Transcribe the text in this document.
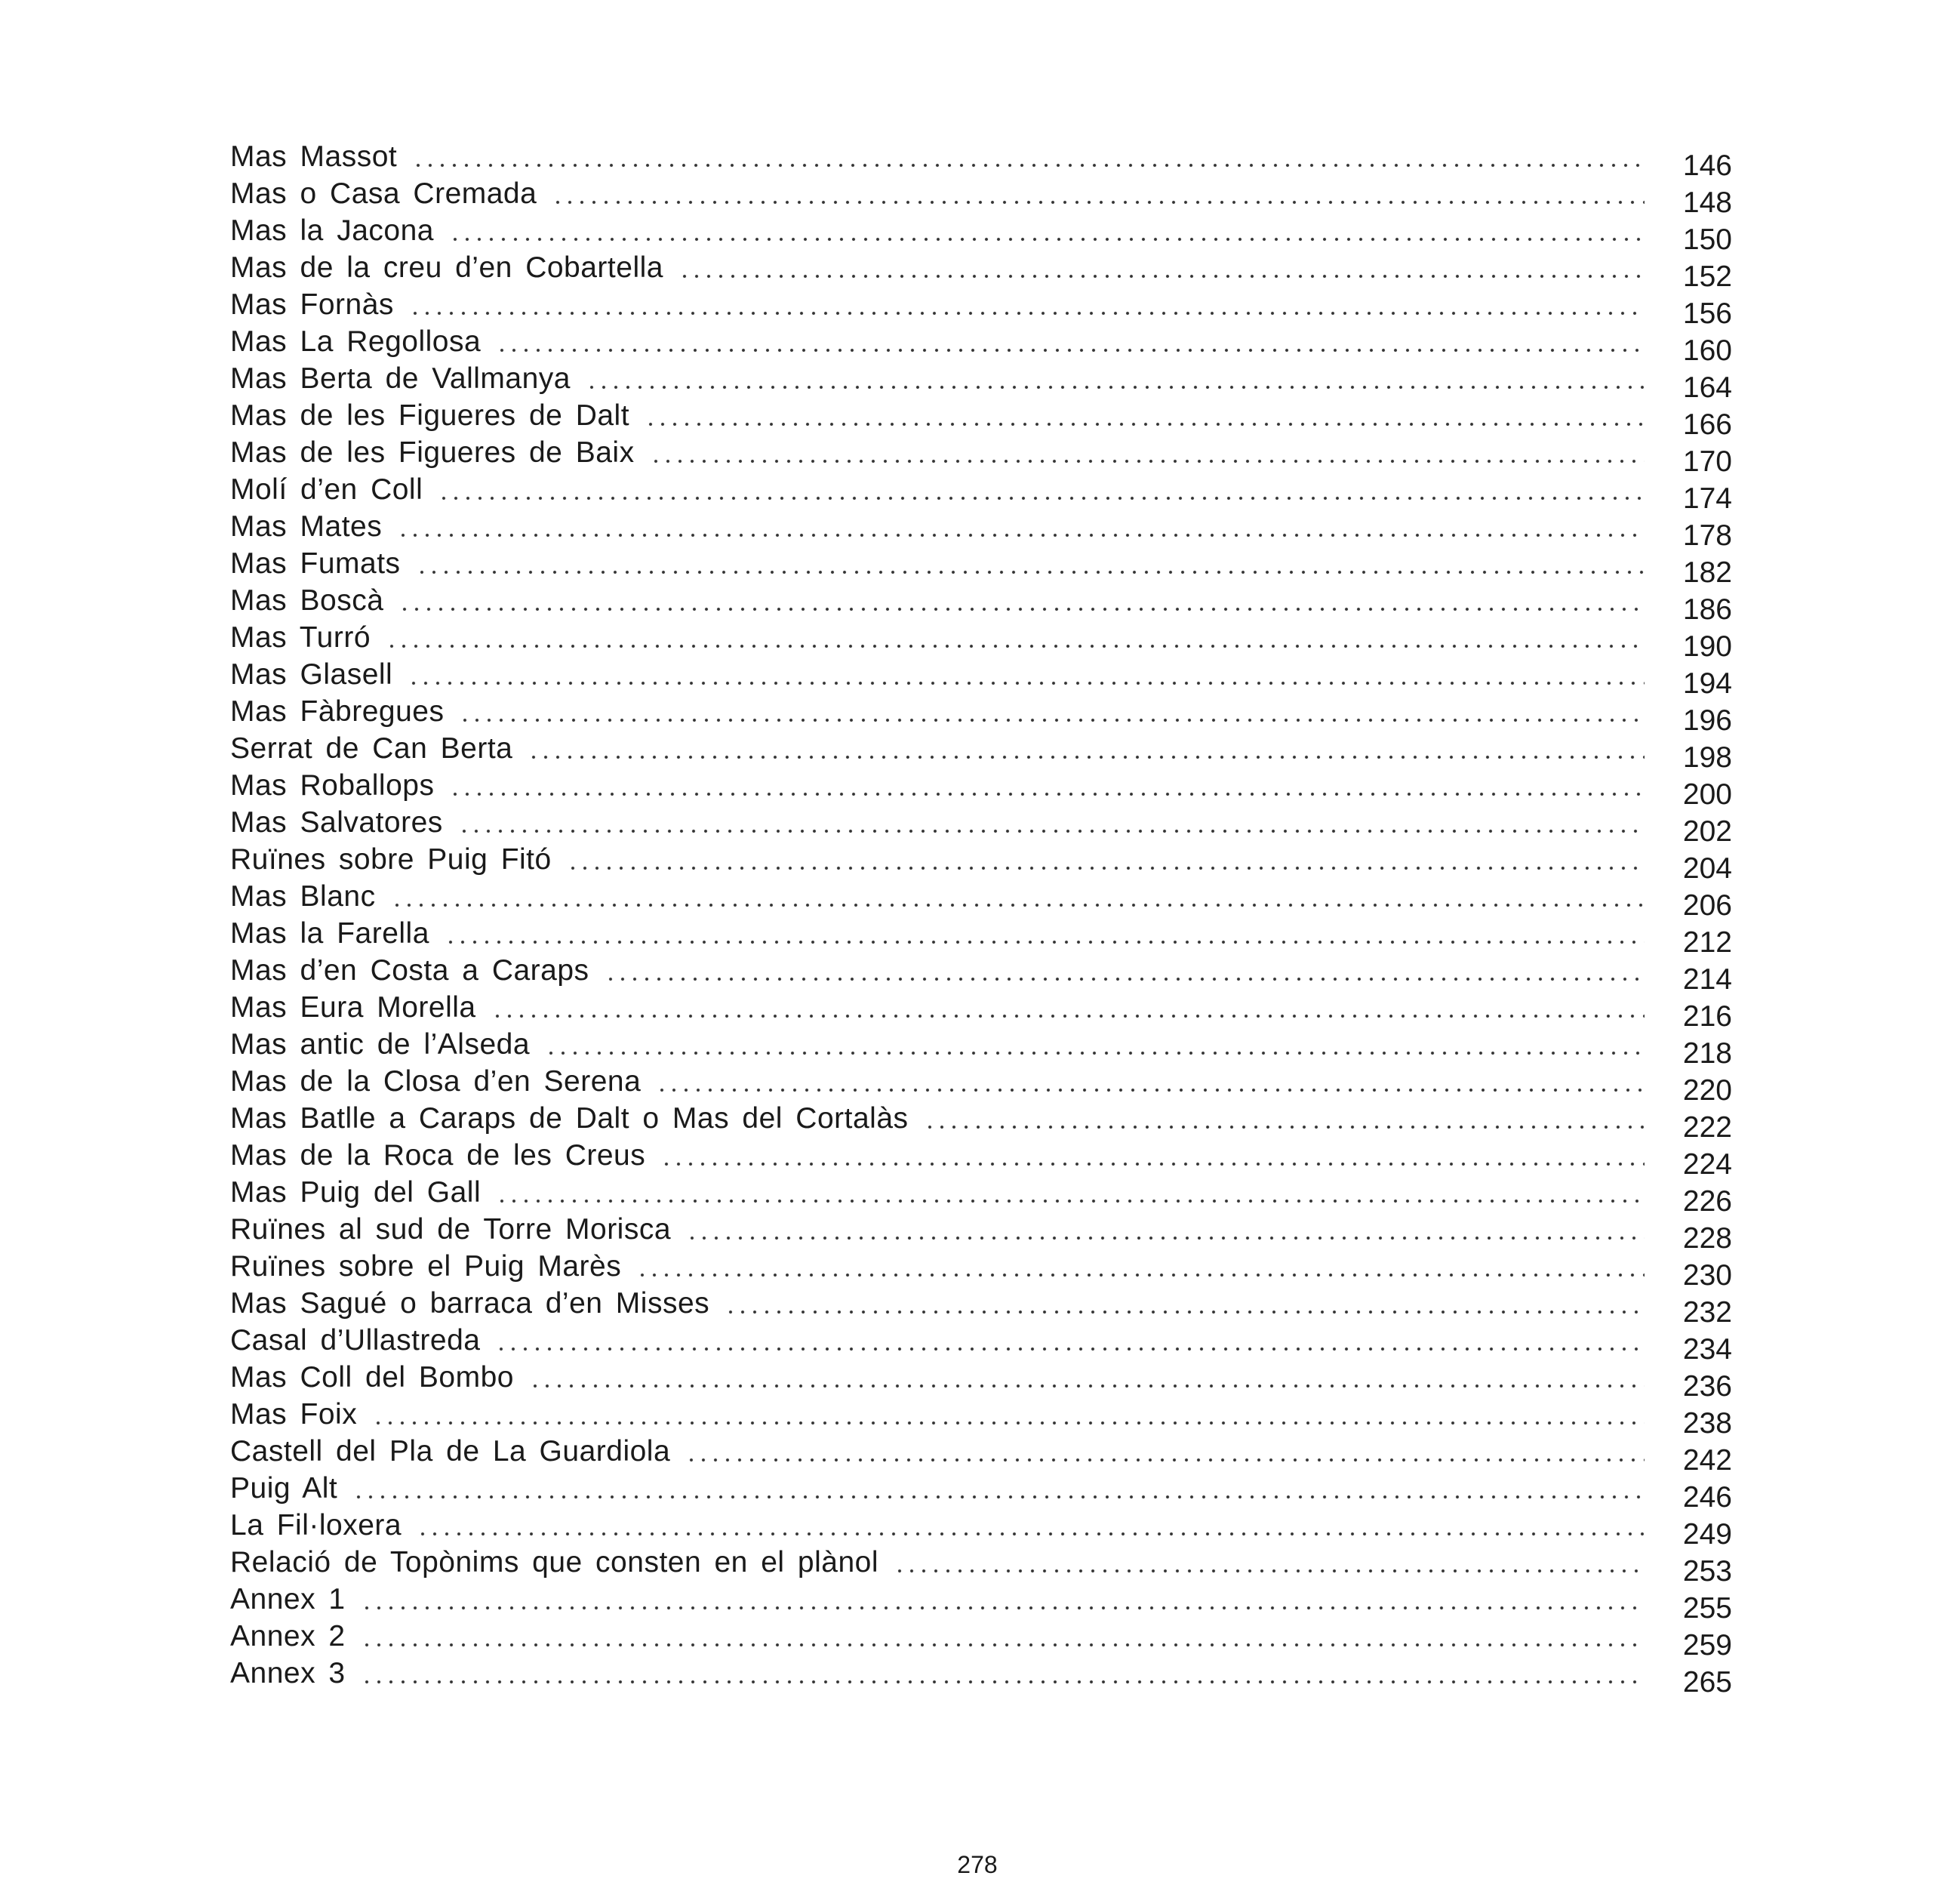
Mas Massot	146
Mas o Casa Cremada	148
Mas la Jacona	150
Mas de la creu d’en Cobartella	152
Mas Fornàs	156
Mas La Regollosa	160
Mas Berta de Vallmanya	164
Mas de les Figueres de Dalt	166
Mas de les Figueres de Baix	170
Molí d’en Coll	174
Mas Mates	178
Mas Fumats	182
Mas Boscà	186
Mas Turró	190
Mas Glasell	194
Mas Fàbregues	196
Serrat de Can Berta	198
Mas Roballops	200
Mas Salvatores	202
Ruïnes sobre Puig Fitó	204
Mas Blanc	206
Mas la Farella	212
Mas d’en Costa a Caraps	214
Mas Eura Morella	216
Mas antic de l’Alseda	218
Mas de la Closa d’en Serena	220
Mas Batlle a Caraps de Dalt o Mas del Cortalàs	222
Mas de la Roca de les Creus	224
Mas Puig del Gall	226
Ruïnes al sud de Torre Morisca	228
Ruïnes sobre el Puig Marès	230
Mas Sagué o barraca d’en Misses	232
Casal d’Ullastreda	234
Mas Coll del Bombo	236
Mas Foix	238
Castell del Pla de La Guardiola	242
Puig Alt	246
La Fil·loxera	249
Relació de Topònims que consten en el plànol	253
Annex 1	255
Annex 2	259
Annex 3	265
278
